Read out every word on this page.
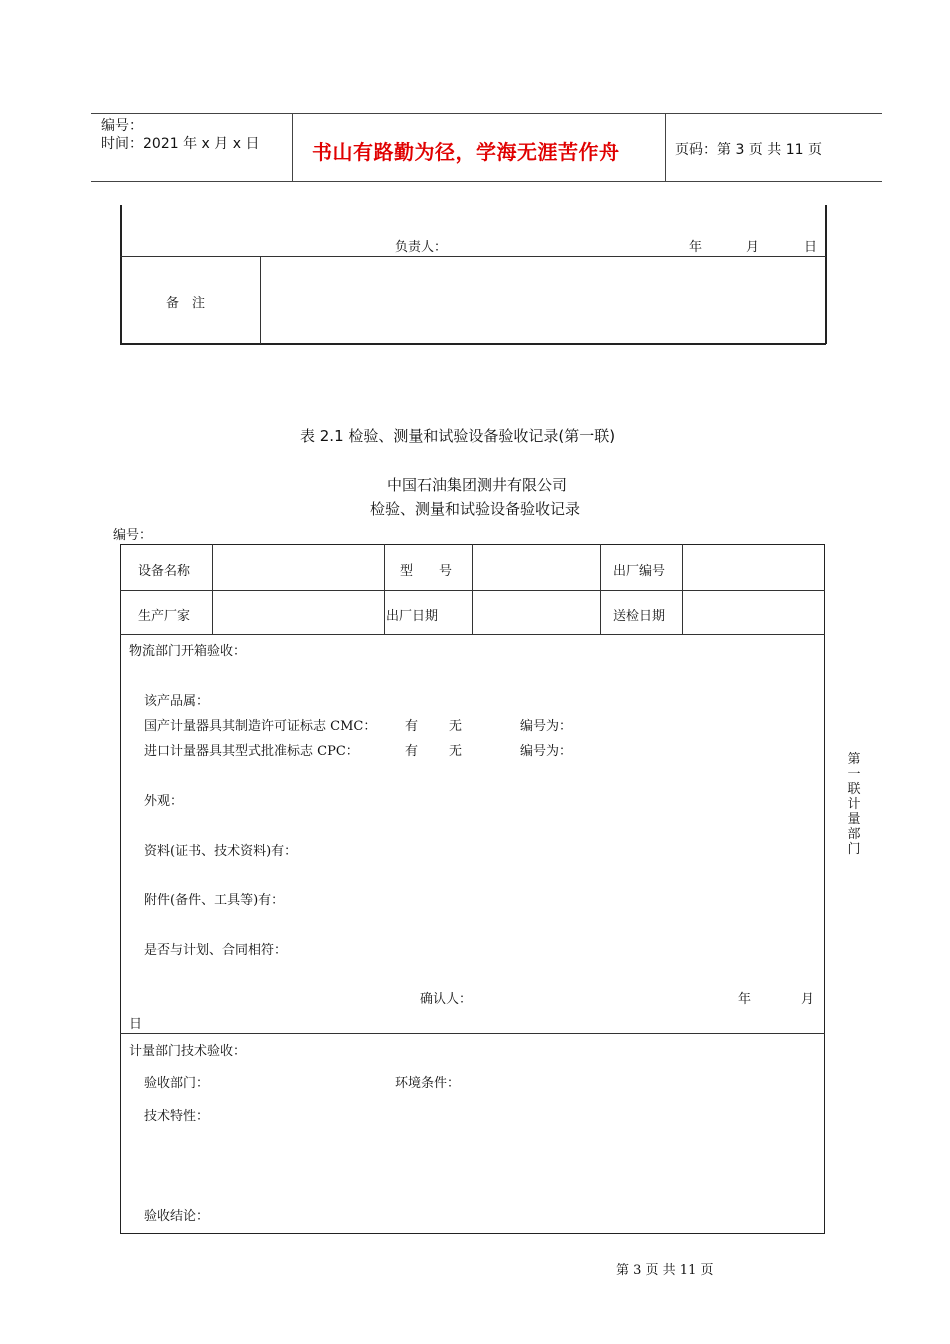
编号：
时间：2021 年 x 月 x 日	书山有路勤为径，学海无涯苦作舟	页码：第 3 页 共 11 页
负责人：	年	月	日
备　注
表 2.1 检验、测量和试验设备验收记录(第一联)
中国石油集团测井有限公司
检验、测量和试验设备验收记录
编号：
设备名称	型　　号	出厂编号
生产厂家	出厂日期	送检日期
物流部门开箱验收：
该产品属：
国产计量器具其制造许可证标志 CMC： 有 无	编号为：
进口计量器具其型式批准标志 CPC：	有 无	编号为：
外观：
资料(证书、技术资料)有：
附件(备件、工具等)有：
是否与计划、合同相符：
确认人：	年	月
日
计量部门技术验收：
验收部门：	环境条件：
技术特性：
验收结论：
第一联计量部门
第 3 页 共 11 页
